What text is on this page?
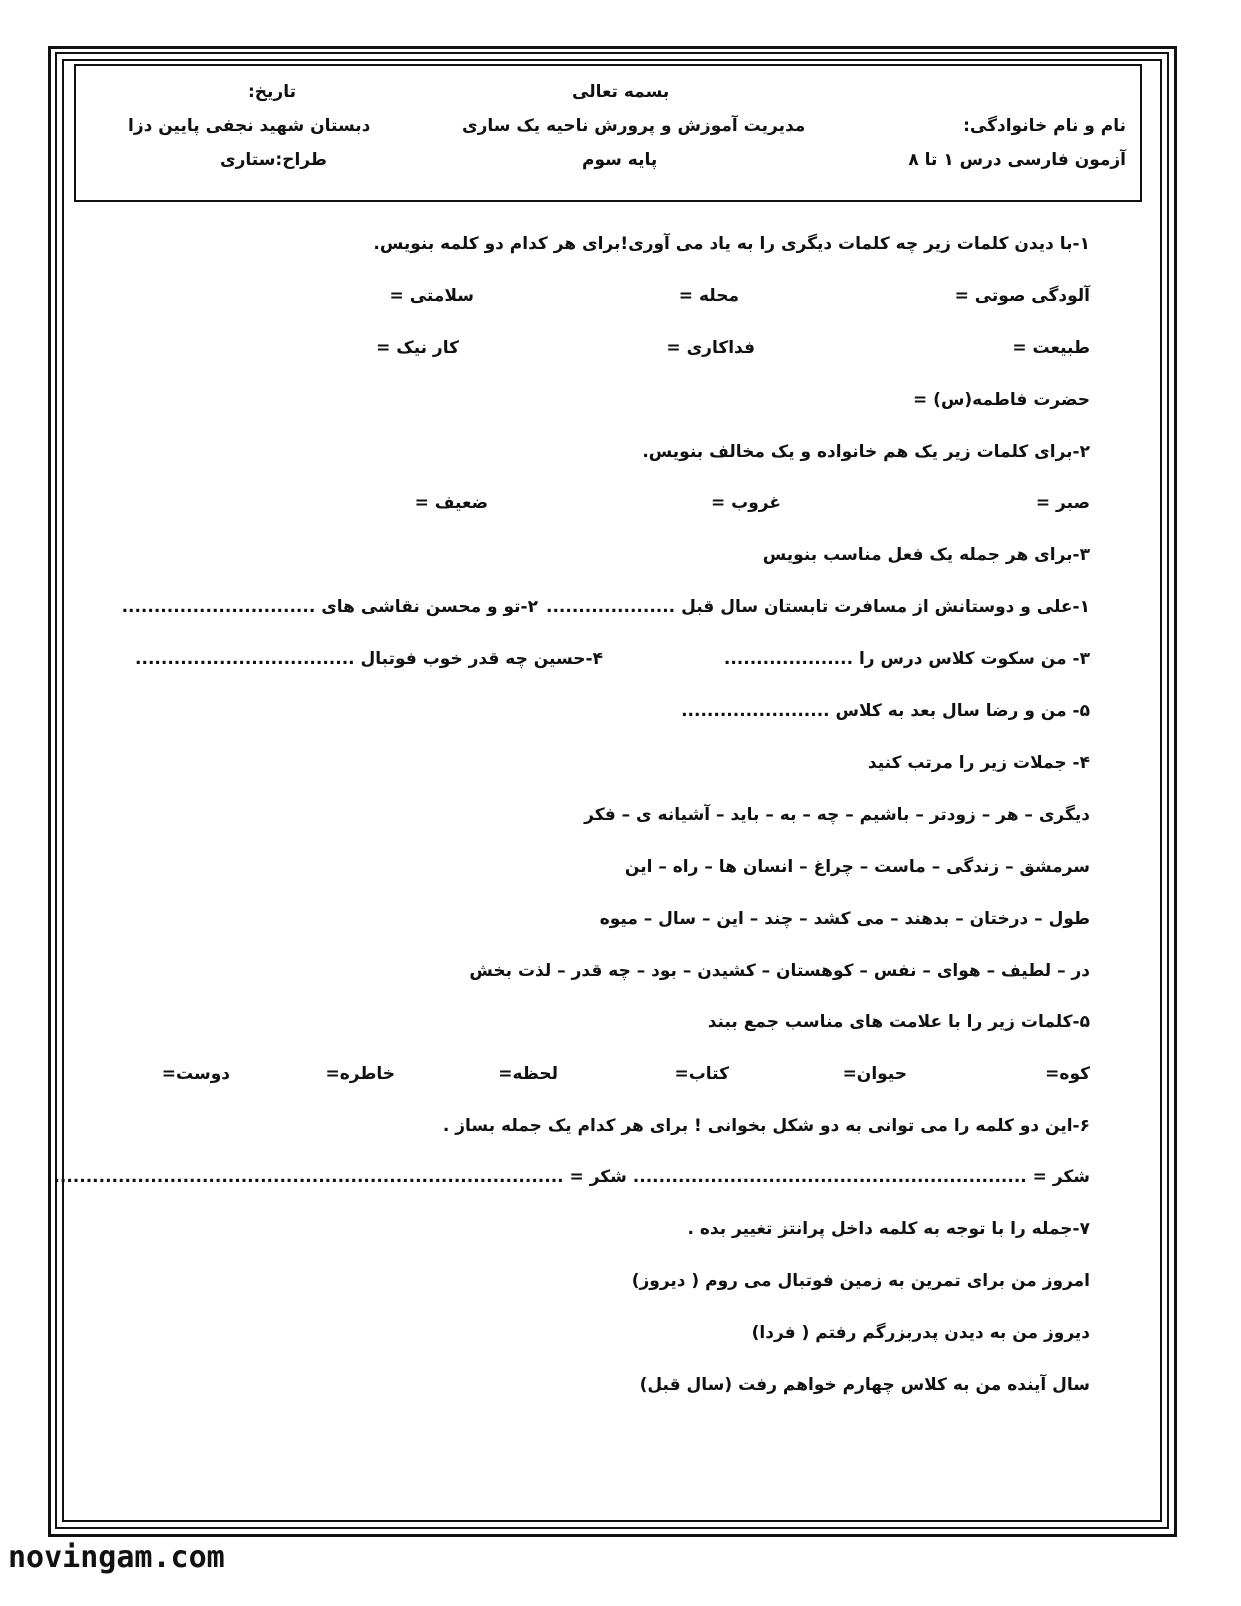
بسمه تعالی
تاریخ:
نام و نام خانوادگی:
مدیریت آموزش و پرورش ناحیه یک ساری
دبستان شهید نجفی پایین دزا
آزمون فارسی درس ۱ تا ۸
پایه سوم
طراح:ستاری
۱-با دیدن کلمات زیر چه کلمات دیگری را به یاد می آوری!برای هر کدام دو کلمه بنویس.
آلودگی صوتی =
محله =
سلامتی =
طبیعت =
فداکاری =
کار نیک =
حضرت فاطمه(س) =
۲-برای کلمات زیر یک هم خانواده و یک مخالف بنویس.
صبر =
غروب =
ضعیف =
۳-برای هر جمله یک فعل مناسب بنویس
۱-علی و دوستانش از مسافرت تابستان سال قبل ....................
۲-تو و محسن نقاشی های ..............................
۳- من سکوت کلاس درس را ....................
۴-حسین چه قدر خوب فوتبال ..................................
۵- من و رضا سال بعد به کلاس .......................
۴- جملات زیر را مرتب کنید
دیگری – هر – زودتر – باشیم – چه – به – باید – آشیانه ی – فکر
سرمشق – زندگی – ماست – چراغ – انسان ها – راه – این
طول – درختان – بدهند – می کشد – چند – این – سال – میوه
در – لطیف – هوای – نفس – کوهستان – کشیدن – بود – چه قدر – لذت بخش
۵-کلمات زیر را با علامت های مناسب جمع ببند
کوه=
حیوان=
کتاب=
لحظه=
خاطره=
دوست=
۶-این دو کلمه را می توانی به دو شکل بخوانی ! برای هر کدام یک جمله بساز .
شکر = ............................................................. شکر = ...............................................................................
۷-جمله را با توجه به کلمه داخل پرانتز تغییر بده .
امروز من برای تمرین به زمین فوتبال می روم ( دیروز)
دیروز من به دیدن پدربزرگم رفتم ( فردا)
سال آینده من به کلاس چهارم خواهم رفت (سال قبل)
novingam.com
